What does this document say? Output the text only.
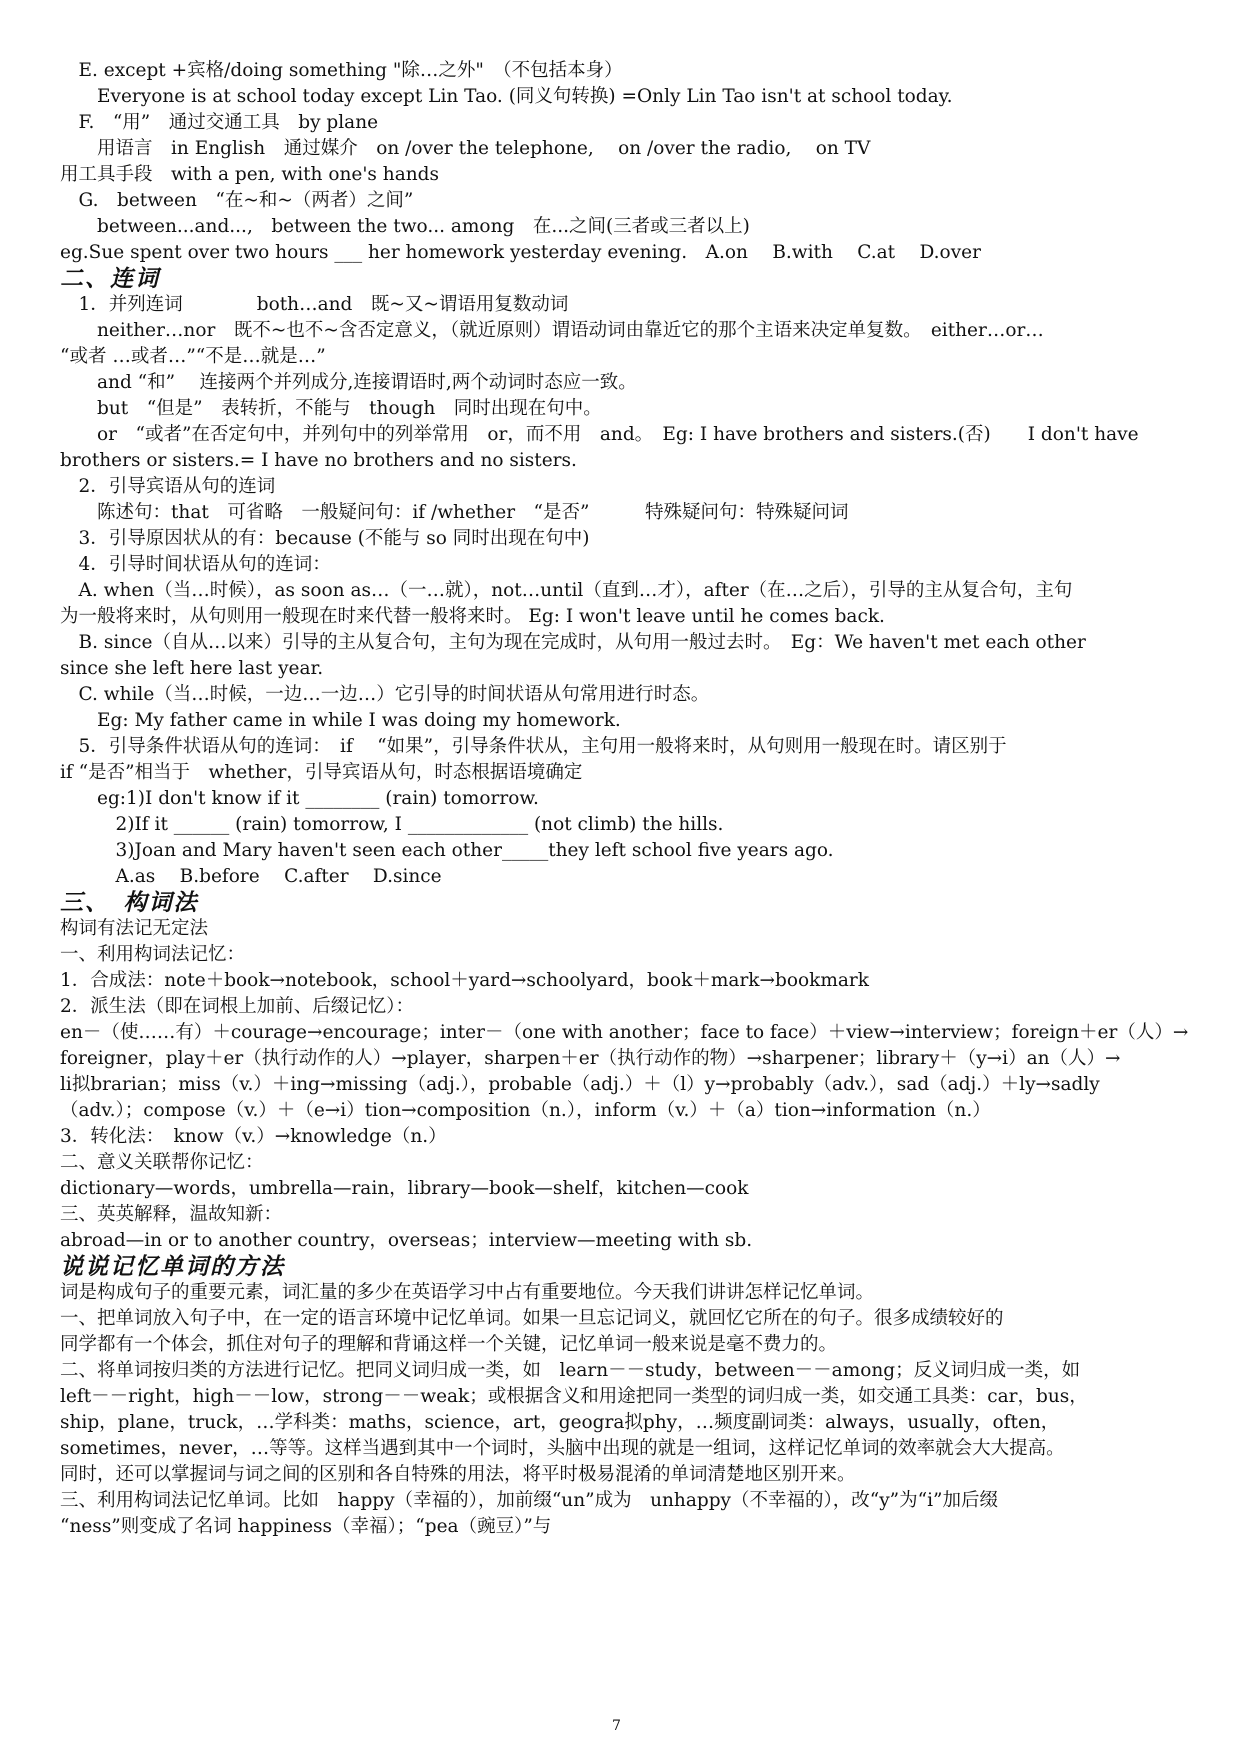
　E. except +宾格/doing something "除…之外"　（不包括本身）
　　Everyone is at school today except Lin Tao. (同义句转换) =Only Lin Tao isn't at school today.
　F.　“用”　通过交通工具　by plane
　　用语言　in English　通过媒介　on /over the telephone,　 on /over the radio,　 on TV
用工具手段　with a pen, with one's hands
　G.　between　“在~和~（两者）之间”
　　between...and...,　between the two... among　在...之间(三者或三者以上)
eg.Sue spent over two hours ___ her homework yesterday evening.　A.on　 B.with　 C.at　 D.over
二、连词
　1．并列连词　　　　both…and　既~又~谓语用复数动词
　　neither…nor　既不~也不~含否定意义，（就近原则）谓语动词由靠近它的那个主语来决定单复数。　either…or…
“或者 …或者…”“不是…就是…”
　　and “和”　 连接两个并列成分,连接谓语时,两个动词时态应一致。
　　but　“但是”　表转折，不能与　though　同时出现在句中。
　　or　“或者”在否定句中，并列句中的列举常用　or，而不用　and。　Eg: I have brothers and sisters.(否)　　I don't have
brothers or sisters.= I have no brothers and no sisters.
　2．引导宾语从句的连词
　　陈述句：that　可省略　一般疑问句：if /whether　“是否”　　　特殊疑问句：特殊疑问词
　3．引导原因状从的有：because (不能与 so 同时出现在句中)
　4．引导时间状语从句的连词：
　A. when（当…时候），as soon as…（一…就），not…until（直到…才），after（在…之后），引导的主从复合句，主句
为一般将来时，从句则用一般现在时来代替一般将来时。 Eg: I won't leave until he comes back.
　B. since（自从…以来）引导的主从复合句，主句为现在完成时，从句用一般过去时。　Eg：We haven't met each other
since she left here last year.
　C. while（当…时候，一边…一边…）它引导的时间状语从句常用进行时态。
　　Eg: My father came in while I was doing my homework.
　5．引导条件状语从句的连词：　if　 “如果”，引导条件状从，主句用一般将来时，从句则用一般现在时。请区别于
if “是否”相当于　whether，引导宾语从句，时态根据语境确定
　　eg:1)I don't know if it ________ (rain) tomorrow.
　　　2)If it ______ (rain) tomorrow, I _____________ (not climb) the hills.
　　　3)Joan and Mary haven't seen each other_____they left school five years ago.
　　　A.as　 B.before　 C.after　 D.since
三、　构词法
构词有法记无定法
一、利用构词法记忆：
1．合成法：note＋book→notebook，school＋yard→schoolyard，book＋mark→bookmark
2．派生法（即在词根上加前、后缀记忆）：
en－（使……有）＋courage→encourage；inter－（one with another；face to face）＋view→interview；foreign＋er（人）→
foreigner，play＋er（执行动作的人）→player，sharpen＋er（执行动作的物）→sharpener；library＋（y→i）an（人）→
li拟brarian；miss（v.）＋ing→missing（adj.），probable（adj.）＋（l）y→probably（adv.），sad（adj.）＋ly→sadly
（adv.）；compose（v.）＋（e→i）tion→composition（n.），inform（v.）＋（a）tion→information（n.）
3．转化法：　know（v.）→knowledge（n.）
二、意义关联帮你记忆：
dictionary—words，umbrella—rain，library—book—shelf，kitchen—cook
三、英英解释，温故知新：
abroad—in or to another country，overseas；interview—meeting with sb.
说说记忆单词的方法
词是构成句子的重要元素，词汇量的多少在英语学习中占有重要地位。今天我们讲讲怎样记忆单词。
一、把单词放入句子中，在一定的语言环境中记忆单词。如果一旦忘记词义，就回忆它所在的句子。很多成绩较好的
同学都有一个体会，抓住对句子的理解和背诵这样一个关键，记忆单词一般来说是毫不费力的。
二、将单词按归类的方法进行记忆。把同义词归成一类，如　learn－－study，between－－among；反义词归成一类，如
left－－right，high－－low，strong－－weak；或根据含义和用途把同一类型的词归成一类，如交通工具类：car，bus，
ship，plane，truck，…学科类：maths，science，art，geogra拟phy，…频度副词类：always，usually，often，
sometimes，never，…等等。这样当遇到其中一个词时，头脑中出现的就是一组词，这样记忆单词的效率就会大大提高。
同时，还可以掌握词与词之间的区别和各自特殊的用法，将平时极易混淆的单词清楚地区别开来。
三、利用构词法记忆单词。比如　happy（幸福的），加前缀“un”成为　unhappy（不幸福的），改“y”为“i”加后缀
“ness”则变成了名词 happiness（幸福）；“pea（豌豆）”与
7
